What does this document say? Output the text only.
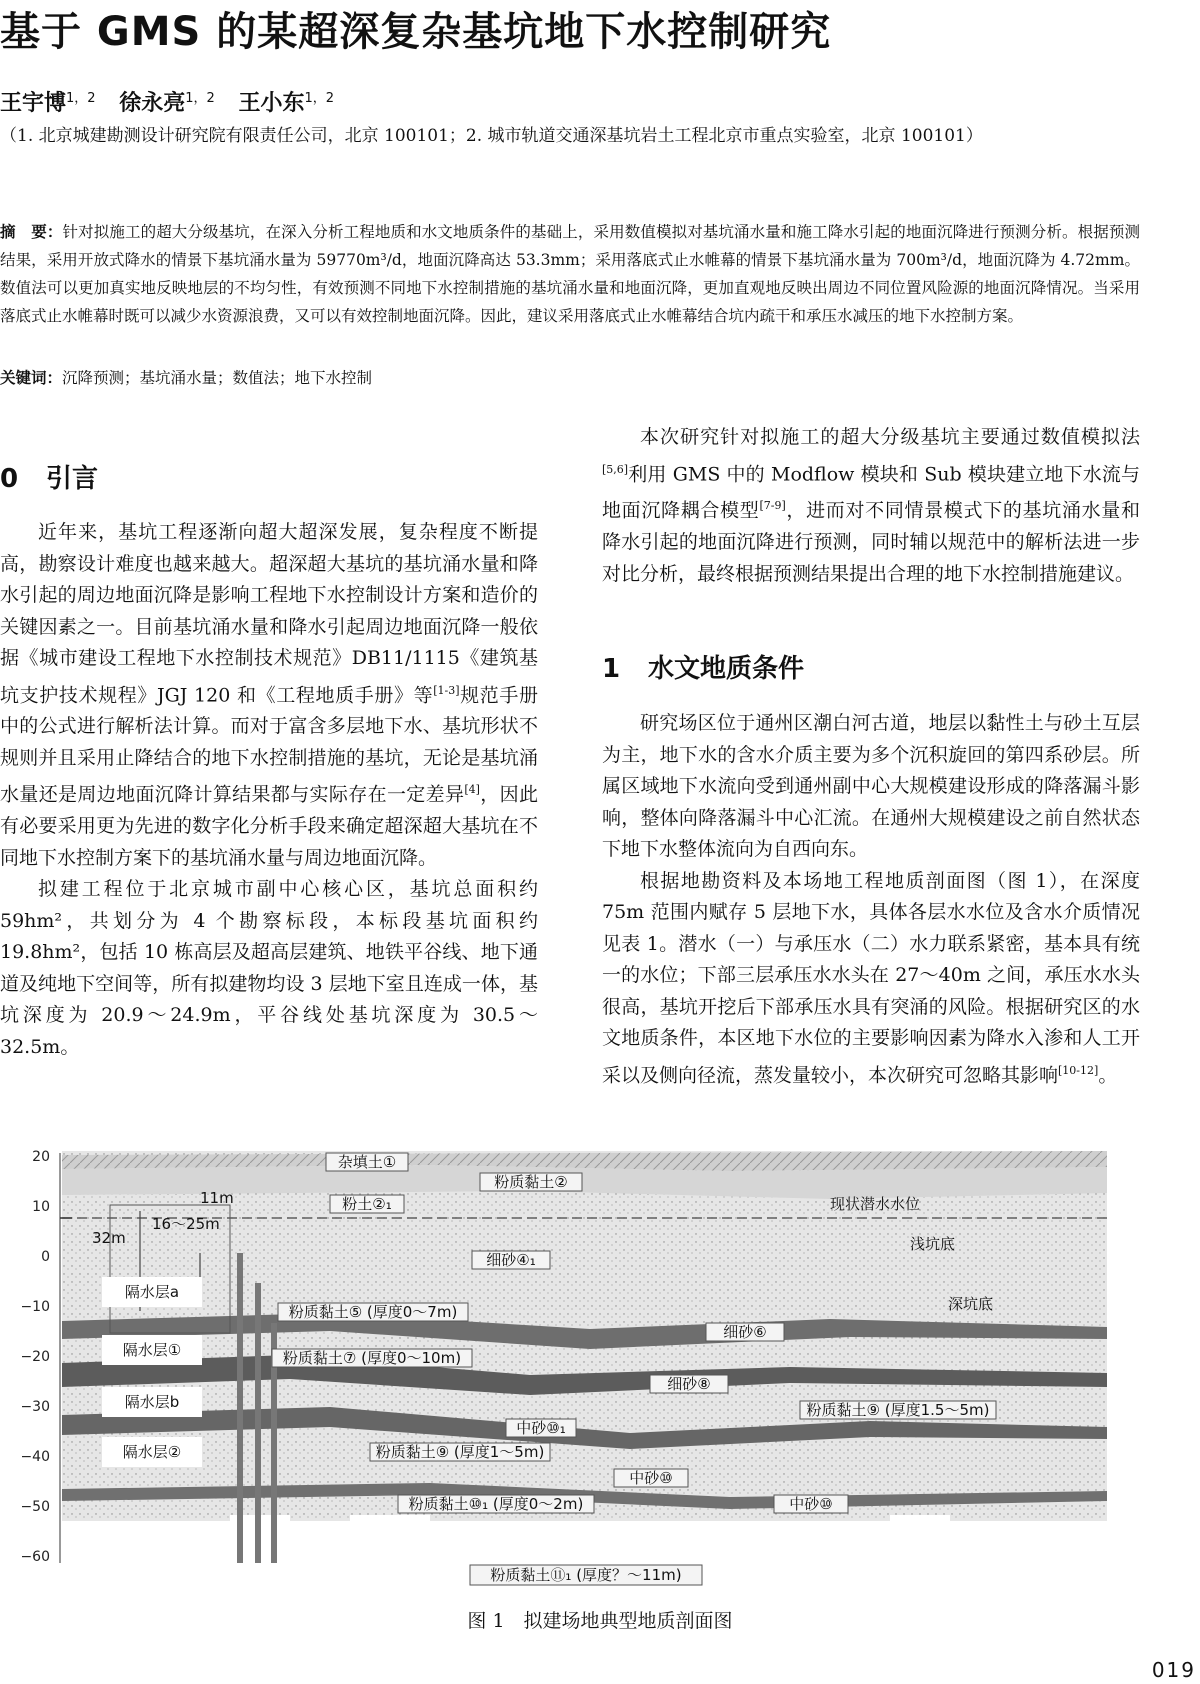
基于 GMS 的某超深复杂基坑地下水控制研究
王宇博$^{1,2}$ 徐永亮$^{1,2}$ 王小东$^{1,2}$
（1. 北京城建勘测设计研究院有限责任公司，北京 100101；2. 城市轨道交通深基坑岩土工程北京市重点实验室，北京 100101）
摘　要：针对拟施工的超大分级基坑，在深入分析工程地质和水文地质条件的基础上，采用数值模拟对基坑涌水量和施工降水引起的地面沉降进行预测分析。根据预测结果，采用开放式降水的情景下基坑涌水量为 59770m³/d，地面沉降高达 53.3mm；采用落底式止水帷幕的情景下基坑涌水量为 700m³/d，地面沉降为 4.72mm。数值法可以更加真实地反映地层的不均匀性，有效预测不同地下水控制措施的基坑涌水量和地面沉降，更加直观地反映出周边不同位置风险源的地面沉降情况。当采用落底式止水帷幕时既可以减少水资源浪费，又可以有效控制地面沉降。因此，建议采用落底式止水帷幕结合坑内疏干和承压水减压的地下水控制方案。
关键词：沉降预测；基坑涌水量；数值法；地下水控制
0 引言

近年来，基坑工程逐渐向超大超深发展，复杂程度不断提高，勘察设计难度也越来越大。超深超大基坑的基坑涌水量和降水引起的周边地面沉降是影响工程地下水控制设计方案和造价的关键因素之一。目前基坑涌水量和降水引起周边地面沉降一般依据《城市建设工程地下水控制技术规范》DB11/1115《建筑基坑支护技术规程》JGJ 120 和《工程地质手册》等[1-3]规范手册中的公式进行解析法计算。而对于富含多层地下水、基坑形状不规则并且采用止降结合的地下水控制措施的基坑，无论是基坑涌水量还是周边地面沉降计算结果都与实际存在一定差异[4]，因此有必要采用更为先进的数字化分析手段来确定超深超大基坑在不同地下水控制方案下的基坑涌水量与周边地面沉降。

拟建工程位于北京城市副中心核心区，基坑总面积约 59hm²，共划分为 4 个勘察标段，本标段基坑面积约 19.8hm²，包括 10 栋高层及超高层建筑、地铁平谷线、地下通道及纯地下空间等，所有拟建物均设 3 层地下室且连成一体，基坑深度为 20.9～24.9m，平谷线处基坑深度为 30.5～32.5m。

本次研究针对拟施工的超大分级基坑主要通过数值模拟法[5,6]利用 GMS 中的 Modflow 模块和 Sub 模块建立地下水流与地面沉降耦合模型[7-9]，进而对不同情景模式下的基坑涌水量和降水引起的地面沉降进行预测，同时辅以规范中的解析法进一步对比分析，最终根据预测结果提出合理的地下水控制措施建议。

1 水文地质条件

研究场区位于通州区潮白河古道，地层以黏性土与砂土互层为主，地下水的含水介质主要为多个沉积旋回的第四系砂层。所属区域地下水流向受到通州副中心大规模建设形成的降落漏斗影响，整体向降落漏斗中心汇流。在通州大规模建设之前自然状态下地下水整体流向为自西向东。

根据地勘资料及本场地工程地质剖面图（图 1），在深度 75m 范围内赋存 5 层地下水，具体各层水水位及含水介质情况见表 1。潜水（一）与承压水（二）水力联系紧密，基本具有统一的水位；下部三层承压水水头在 27～40m 之间，承压水水头很高，基坑开挖后下部承压水具有突涌的风险。根据研究区的水文地质条件，本区地下水位的主要影响因素为降水入渗和人工开采以及侧向径流，蒸发量较小，本次研究可忽略其影响[10-12]。

20
10
0
−10
−20
−30
−40
−50
−60
杂填土①
粉质黏土②
粉土②₁	现状潜水水位
细砂④₁
浅坑底
深坑底
11m
16～25m
32m
隔水层a
隔水层①
隔水层b
隔水层②
粉质黏土⑤ (厚度0～7m)
粉质黏土⑦ (厚度0～10m)
细砂⑥
细砂⑧
粉质黏土⑨ (厚度1.5～5m)
中砂⑩₁
粉质黏土⑨ (厚度1～5m)
中砂⑩
中砂⑩
粉质黏土⑩₁ (厚度0～2m)
粉质黏土⑪₁ (厚度？～11m)
图 1　拟建场地典型地质剖面图
019
